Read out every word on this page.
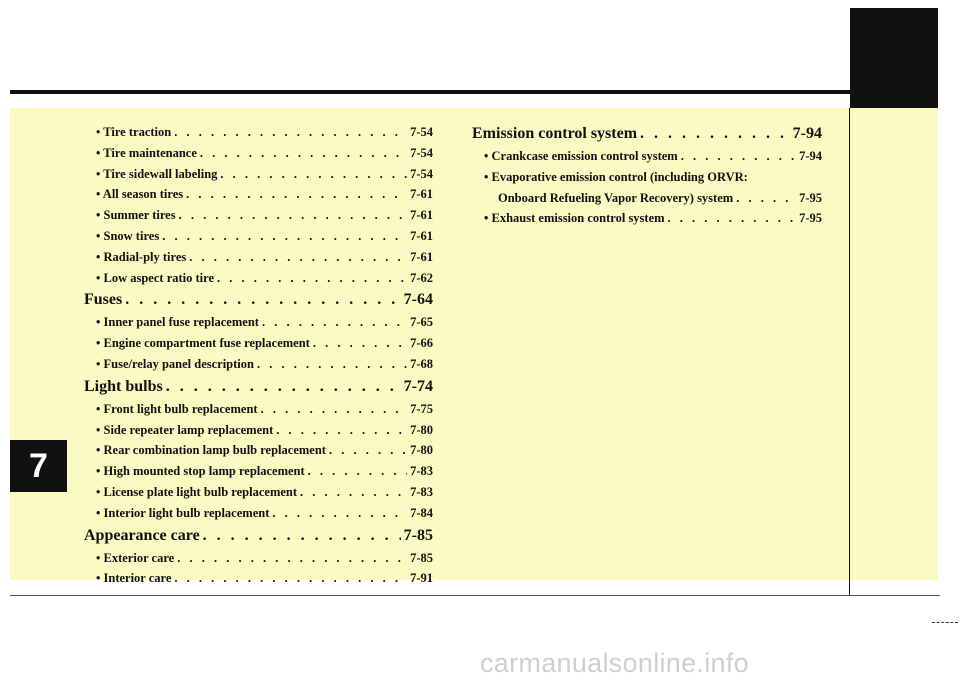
7
carmanualsonline.info
• Tire traction . . .	7-54
• Tire maintenance . . .	7-54
• Tire sidewall labeling . . .	7-54
• All season tires . . .	7-61
• Summer tires . . .	7-61
• Snow tires . . .	7-61
• Radial-ply tires . . .	7-61
• Low aspect ratio tire . . .	7-62
Fuses . . .	7-64
• Inner panel fuse replacement . . .	7-65
• Engine compartment fuse replacement . . .	7-66
• Fuse/relay panel description . . .	7-68
Light bulbs . . .	7-74
• Front light bulb replacement . . .	7-75
• Side repeater lamp replacement . . .	7-80
• Rear combination lamp bulb replacement . . .	7-80
• High mounted stop lamp replacement . . .	7-83
• License plate light bulb replacement . . .	7-83
• Interior light bulb replacement . . .	7-84
Appearance care . . .	7-85
• Exterior care . . .	7-85
• Interior care . . .	7-91
Emission control system . . .	7-94
• Crankcase emission control system . . .	7-94
• Evaporative emission control (including ORVR:
Onboard Refueling Vapor Recovery) system . . .	7-95
• Exhaust emission control system . . .	7-95
